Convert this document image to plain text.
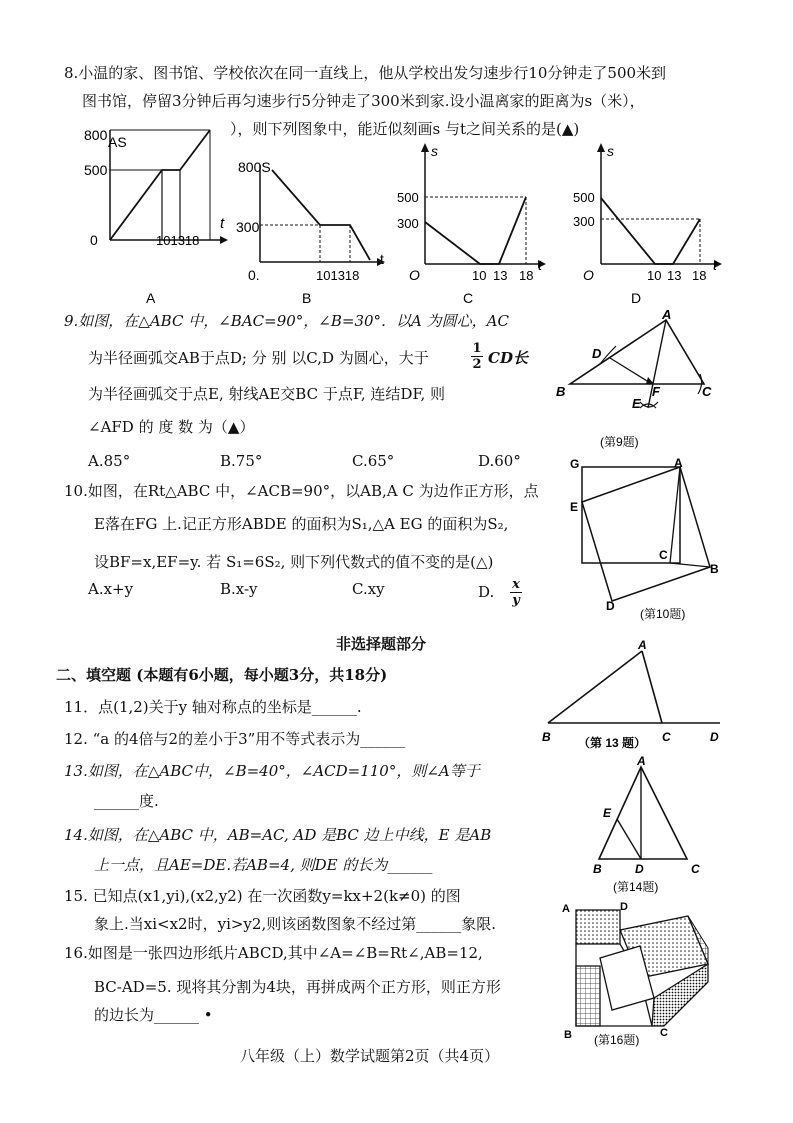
8.小温的家、图书馆、学校依次在同一直线上，他从学校出发匀速步行10分钟走了500米到
图书馆，停留3分钟后再匀速步行5分钟走了300米到家.设小温离家的距离为s（米），
），则下列图象中，能近似刻画s 与t之间关系的是(▲)
800 AS
500
0	101318
t
A
800S
300
0.	101318
t
B
s
500
300
O	10 13 18
t
C
s
500
300
O	10 13 18
t
D
9.如图，在△ABC 中，∠BAC=90°，∠B=30°．以A 为圆心，AC
为半径画弧交AB于点D; 分 别 以C,D 为圆心，大于
1
2 CD长
为半径画弧交于点E, 射线AE交BC 于点F, 连结DF, 则
∠AFD 的 度 数 为（▲）
A.85°	B.75°	C.65°	D.60°
A
D
B	F	C
E
(第9题)
10.如图，在Rt△ABC 中，∠ACB=90°，以AB,A C 为边作正方形，点
E落在FG 上.记正方形ABDE 的面积为S₁,△A EG 的面积为S₂,
设BF=x,EF=y. 若 S₁=6S₂, 则下列代数式的值不变的是(△)
A.x+y	B.x-y	C.xy	D. x
y
G	A
E
C
B
D
(第10题)
非选择题部分
二、填空题 (本题有6小题，每小题3分，共18分)
11．点(1,2)关于y 轴对称点的坐标是______.
12. “a 的4倍与2的差小于3”用不等式表示为______
13.如图，在△ABC中，∠B=40°，∠ACD=110°，则∠A等于
______度.
14.如图，在△ABC 中，AB=AC, AD 是BC 边上中线，E 是AB
上一点，且AE=DE.若AB=4, 则DE 的长为______
15. 已知点(x1,yi),(x2,y2) 在一次函数y=kx+2(k≠0) 的图
象上.当xi<x2时，yi>y2,则该函数图象不经过第______象限.
16.如图是一张四边形纸片ABCD,其中∠A=∠B=Rt∠,AB=12,
BC-AD=5. 现将其分割为4块，再拼成两个正方形，则正方形
的边长为______ •
A
B （第 13 题） C	D
A
E
B	D	C
(第14题)
A	D
B	C
(第16题)
八年级（上）数学试题第2页（共4页）
